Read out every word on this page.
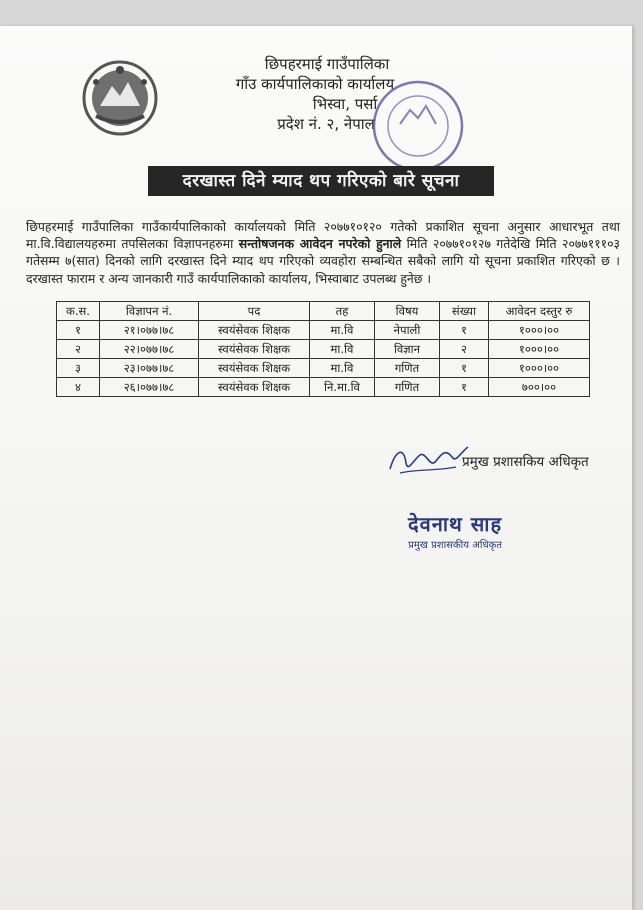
छिपहरमाई गाउँपालिका
गाँउ कार्यपालिकाको कार्यालय
भिस्वा, पर्सा
प्रदेश नं. २, नेपाल
दरखास्त दिने म्याद थप गरिएको बारे सूचना
छिपहरमाई गाउँपालिका गाउँकार्यपालिकाको कार्यालयको मिति २०७७१०१२० गतेको प्रकाशित सूचना अनुसार आधारभूत तथा मा.वि.विद्यालयहरुमा तपसिलका विज्ञापनहरुमा सन्तोषजनक आवेदन नपरेको हुनाले मिति २०७७१०१२७ गतेदेखि मिति २०७७१११०३ गतेसम्म ७(सात) दिनको लागि दरखास्त दिने म्याद थप गरिएको व्यवहोरा सम्बन्धित सबैको लागि यो सूचना प्रकाशित गरिएको छ । दरखास्त फाराम र अन्य जानकारी गाउँ कार्यपालिकाको कार्यालय, भिस्वाबाट उपलब्ध हुनेछ ।
क.स.	विज्ञापन नं.	पद	तह	विषय	संख्या	आवेदन दस्तुर रु
१	२१।०७७।७८	स्वयंसेवक शिक्षक	मा.वि	नेपाली	१	१०००।००
२	२२।०७७।७८	स्वयंसेवक शिक्षक	मा.वि	विज्ञान	२	१०००।००
३	२३।०७७।७८	स्वयंसेवक शिक्षक	मा.वि	गणित	१	१०००।००
४	२६।०७७।७८	स्वयंसेवक शिक्षक	नि.मा.वि	गणित	१	७००।००
प्रमुख प्रशासकिय अधिकृत
देवनाथ साह
प्रमुख प्रशासकीय अधिकृत
